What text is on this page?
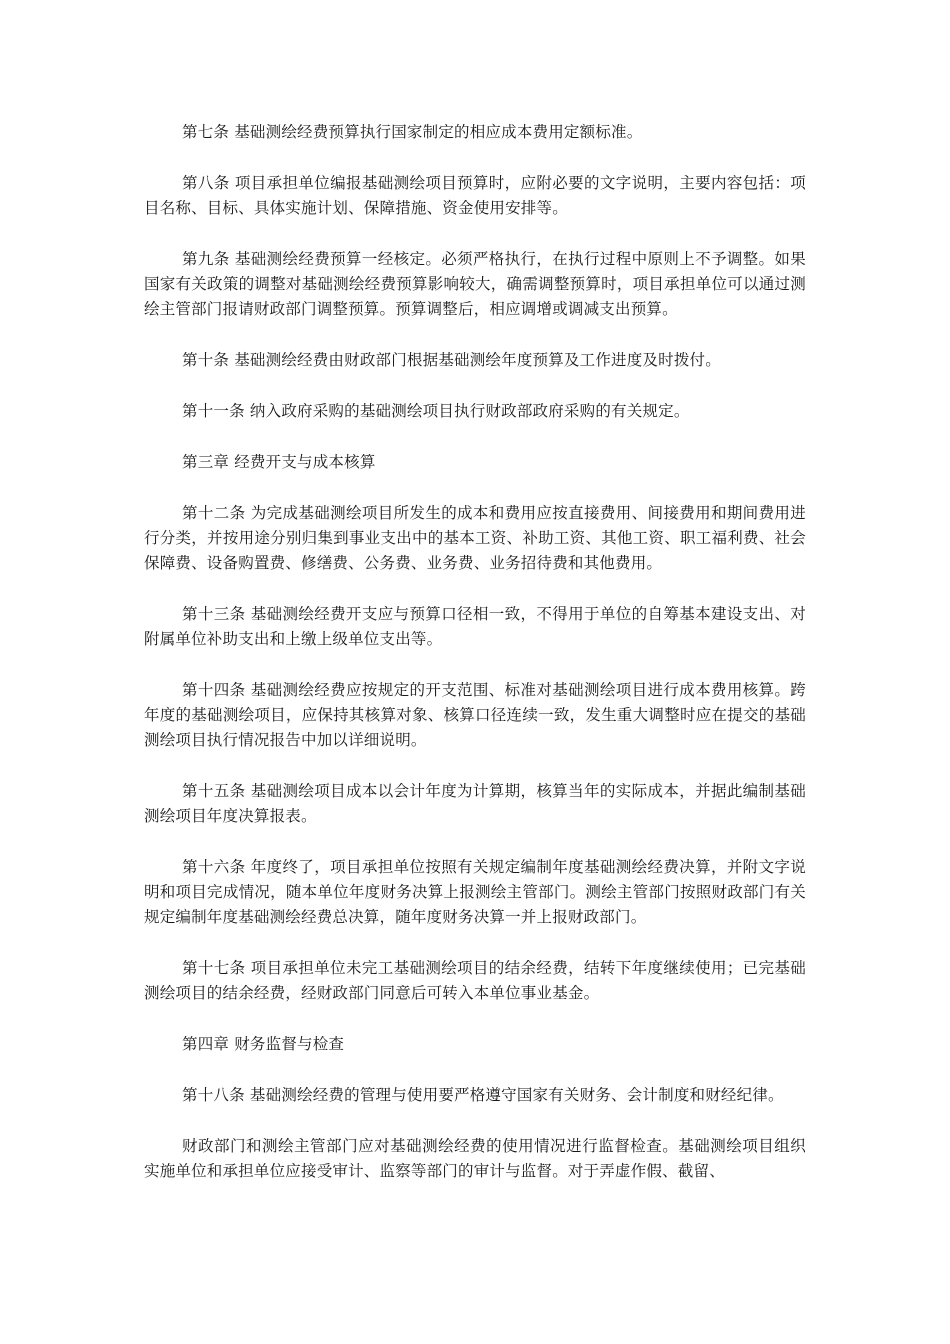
第七条 基础测绘经费预算执行国家制定的相应成本费用定额标准。

第八条 项目承担单位编报基础测绘项目预算时，应附必要的文字说明，主要内容包括：项目名称、目标、具体实施计划、保障措施、资金使用安排等。

第九条 基础测绘经费预算一经核定。必须严格执行，在执行过程中原则上不予调整。如果国家有关政策的调整对基础测绘经费预算影响较大，确需调整预算时，项目承担单位可以通过测绘主管部门报请财政部门调整预算。预算调整后，相应调增或调减支出预算。

第十条 基础测绘经费由财政部门根据基础测绘年度预算及工作进度及时拨付。

第十一条 纳入政府采购的基础测绘项目执行财政部政府采购的有关规定。

第三章 经费开支与成本核算

第十二条 为完成基础测绘项目所发生的成本和费用应按直接费用、间接费用和期间费用进行分类，并按用途分别归集到事业支出中的基本工资、补助工资、其他工资、职工福利费、社会保障费、设备购置费、修缮费、公务费、业务费、业务招待费和其他费用。

第十三条 基础测绘经费开支应与预算口径相一致，不得用于单位的自筹基本建设支出、对附属单位补助支出和上缴上级单位支出等。

第十四条 基础测绘经费应按规定的开支范围、标准对基础测绘项目进行成本费用核算。跨年度的基础测绘项目，应保持其核算对象、核算口径连续一致，发生重大调整时应在提交的基础测绘项目执行情况报告中加以详细说明。

第十五条 基础测绘项目成本以会计年度为计算期，核算当年的实际成本，并据此编制基础测绘项目年度决算报表。

第十六条 年度终了，项目承担单位按照有关规定编制年度基础测绘经费决算，并附文字说明和项目完成情况，随本单位年度财务决算上报测绘主管部门。测绘主管部门按照财政部门有关规定编制年度基础测绘经费总决算，随年度财务决算一并上报财政部门。

第十七条 项目承担单位未完工基础测绘项目的结余经费，结转下年度继续使用；已完基础测绘项目的结余经费，经财政部门同意后可转入本单位事业基金。

第四章 财务监督与检查

第十八条 基础测绘经费的管理与使用要严格遵守国家有关财务、会计制度和财经纪律。

财政部门和测绘主管部门应对基础测绘经费的使用情况进行监督检查。基础测绘项目组织实施单位和承担单位应接受审计、监察等部门的审计与监督。对于弄虚作假、截留、
